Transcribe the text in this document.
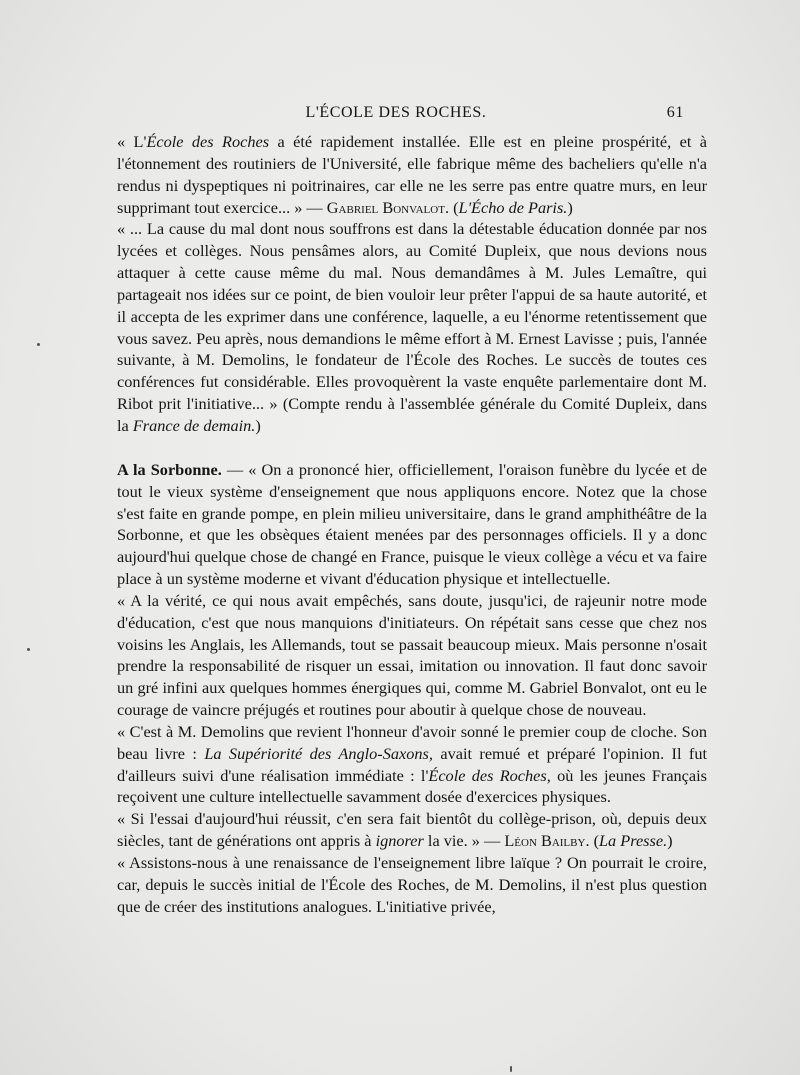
L'ÉCOLE DES ROCHES.	61

« L'École des Roches a été rapidement installée. Elle est en pleine prospérité, et à l'étonnement des routiniers de l'Université, elle fabrique même des bacheliers qu'elle n'a rendus ni dyspeptiques ni poitrinaires, car elle ne les serre pas entre quatre murs, en leur supprimant tout exercice... » — Gabriel Bonvalot. (L'Écho de Paris.)

« ... La cause du mal dont nous souffrons est dans la détestable éducation donnée par nos lycées et collèges. Nous pensâmes alors, au Comité Dupleix, que nous devions nous attaquer à cette cause même du mal. Nous demandâmes à M. Jules Lemaître, qui partageait nos idées sur ce point, de bien vouloir leur prêter l'appui de sa haute autorité, et il accepta de les exprimer dans une conférence, laquelle, a eu l'énorme retentissement que vous savez. Peu après, nous demandions le même effort à M. Ernest Lavisse ; puis, l'année suivante, à M. Demolins, le fondateur de l'École des Roches. Le succès de toutes ces conférences fut considérable. Elles provoquèrent la vaste enquête parlementaire dont M. Ribot prit l'initiative... » (Compte rendu à l'assemblée générale du Comité Dupleix, dans la France de demain.)

A la Sorbonne. — « On a prononcé hier, officiellement, l'oraison funèbre du lycée et de tout le vieux système d'enseignement que nous appliquons encore. Notez que la chose s'est faite en grande pompe, en plein milieu universitaire, dans le grand amphithéâtre de la Sorbonne, et que les obsèques étaient menées par des personnages officiels. Il y a donc aujourd'hui quelque chose de changé en France, puisque le vieux collège a vécu et va faire place à un système moderne et vivant d'éducation physique et intellectuelle.

« A la vérité, ce qui nous avait empêchés, sans doute, jusqu'ici, de rajeunir notre mode d'éducation, c'est que nous manquions d'initiateurs. On répétait sans cesse que chez nos voisins les Anglais, les Allemands, tout se passait beaucoup mieux. Mais personne n'osait prendre la responsabilité de risquer un essai, imitation ou innovation. Il faut donc savoir un gré infini aux quelques hommes énergiques qui, comme M. Gabriel Bonvalot, ont eu le courage de vaincre préjugés et routines pour aboutir à quelque chose de nouveau.

« C'est à M. Demolins que revient l'honneur d'avoir sonné le premier coup de cloche. Son beau livre : La Supériorité des Anglo-Saxons, avait remué et préparé l'opinion. Il fut d'ailleurs suivi d'une réalisation immédiate : l'École des Roches, où les jeunes Français reçoivent une culture intellectuelle savamment dosée d'exercices physiques.

« Si l'essai d'aujourd'hui réussit, c'en sera fait bientôt du collège-prison, où, depuis deux siècles, tant de générations ont appris à ignorer la vie. » — Léon Bailby. (La Presse.)

« Assistons-nous à une renaissance de l'enseignement libre laïque ? On pourrait le croire, car, depuis le succès initial de l'École des Roches, de M. Demolins, il n'est plus question que de créer des institutions analogues. L'initiative privée,
